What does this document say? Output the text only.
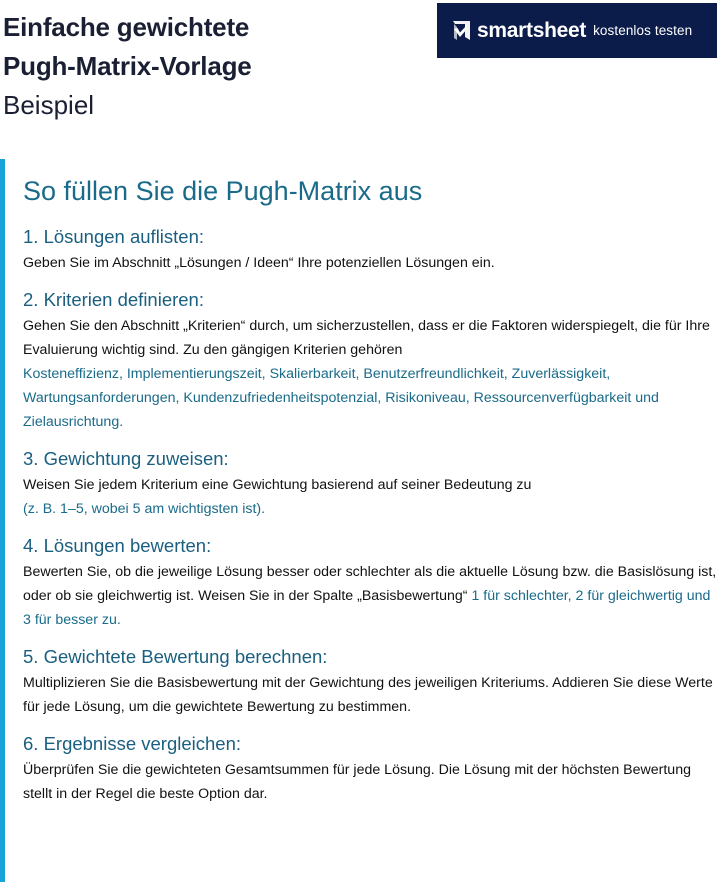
Einfache gewichtete
Pugh-Matrix-Vorlage
Beispiel
smartsheet kostenlos testen
So füllen Sie die Pugh-Matrix aus
1. Lösungen auflisten:

Geben Sie im Abschnitt „Lösungen / Ideen“ Ihre potenziellen Lösungen ein.

2. Kriterien definieren:

Gehen Sie den Abschnitt „Kriterien“ durch, um sicherzustellen, dass er die Faktoren widerspiegelt, die für Ihre Evaluierung wichtig sind. Zu den gängigen Kriterien gehören
Kosteneffizienz, Implementierungszeit, Skalierbarkeit, Benutzerfreundlichkeit, Zuverlässigkeit, Wartungsanforderungen, Kundenzufriedenheitspotenzial, Risikoniveau, Ressourcenverfügbarkeit und Zielausrichtung.

3. Gewichtung zuweisen:

Weisen Sie jedem Kriterium eine Gewichtung basierend auf seiner Bedeutung zu
(z. B. 1–5, wobei 5 am wichtigsten ist).

4. Lösungen bewerten:

Bewerten Sie, ob die jeweilige Lösung besser oder schlechter als die aktuelle Lösung bzw. die Basislösung ist, oder ob sie gleichwertig ist. Weisen Sie in der Spalte „Basisbewertung“ 1 für schlechter, 2 für gleichwertig und 3 für besser zu.

5. Gewichtete Bewertung berechnen:

Multiplizieren Sie die Basisbewertung mit der Gewichtung des jeweiligen Kriteriums. Addieren Sie diese Werte für jede Lösung, um die gewichtete Bewertung zu bestimmen.

6. Ergebnisse vergleichen:

Überprüfen Sie die gewichteten Gesamtsummen für jede Lösung. Die Lösung mit der höchsten Bewertung stellt in der Regel die beste Option dar.
